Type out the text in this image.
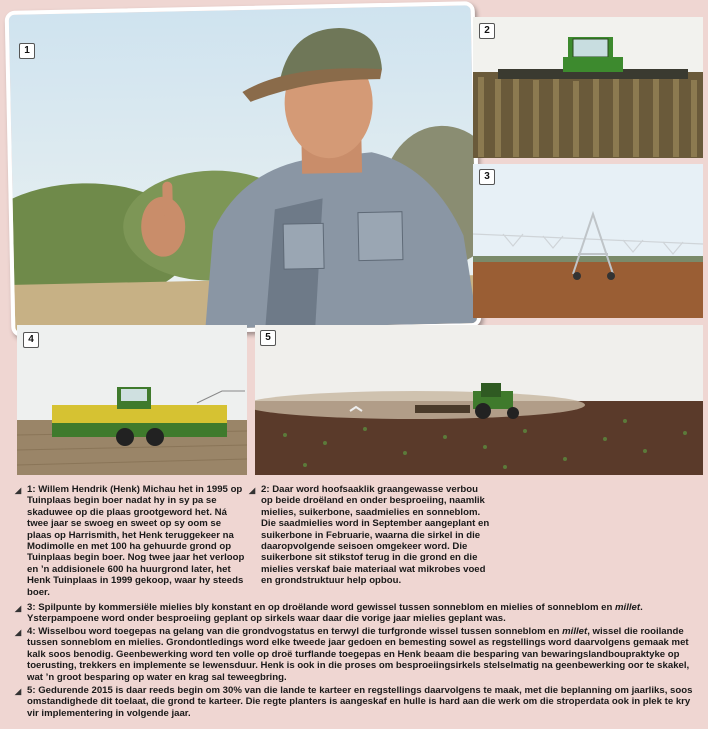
1
2
3
4	5

◢ 1: Willem Hendrik (Henk) Michau het in 1995 op Tuinplaas begin boer nadat hy in sy pa se skaduwee op die plaas grootgeword het. Ná twee jaar se swoeg en sweet op sy oom se plaas op Harrismith, het Henk teruggekeer na Modimolle en met 100 ha gehuurde grond op Tuinplaas begin boer. Nog twee jaar het verloop en ’n addisionele 600 ha huurgrond later, het Henk Tuinplaas in 1999 gekoop, waar hy steeds boer.

◢ 2: Daar word hoofsaaklik graangewasse verbou op beide droëland en onder besproeiing, naamlik mielies, suikerbone, saadmielies en sonneblom. Die saadmielies word in September aangeplant en suikerbone in Februarie, waarna die sirkel in die daaropvolgende seisoen omgekeer word. Die suikerbone sit stikstof terug in die grond en die mielies verskaf baie materiaal wat mikrobes voed en grondstruktuur help opbou.

◢ 3: Spilpunte by kommersiële mielies bly konstant en op droëlande word gewissel tussen sonneblom en mielies of sonneblom en millet. Ysterpampoene word onder besproeiing geplant op sirkels waar daar die vorige jaar mielies geplant was.

◢ 4: Wisselbou word toegepas na gelang van die grondvogstatus en terwyl die turfgronde wissel tussen sonneblom en millet, wissel die rooilande tussen sonneblom en mielies. Grondontledings word elke tweede jaar gedoen en bemesting sowel as regstellings word daarvolgens gemaak met kalk soos benodig. Geenbewerking word ten volle op droë turflande toegepas en Henk beaam die besparing van bewaringslandboupraktyke op toerusting, trekkers en implemente se lewensduur. Henk is ook in die proses om besproeiingsirkels stelselmatig na geenbewerking oor te skakel, wat ’n groot besparing op water en krag sal teweegbring.

◢ 5: Gedurende 2015 is daar reeds begin om 30% van die lande te karteer en regstellings daarvolgens te maak, met die beplanning om jaarliks, soos omstandighede dit toelaat, die grond te karteer. Die regte planters is aangeskaf en hulle is hard aan die werk om die stroperdata ook in plek te kry vir implementering in volgende jaar.
